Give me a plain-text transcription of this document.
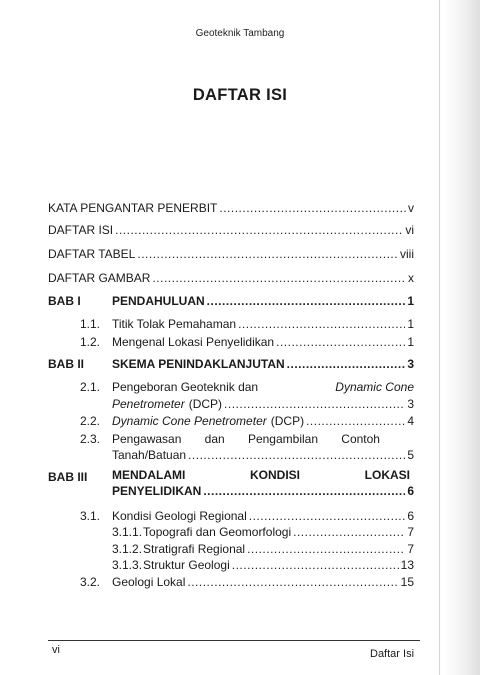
Geoteknik Tambang
DAFTAR ISI
KATA PENGANTAR PENERBIT .....	v
DAFTAR ISI .....	vi
DAFTAR TABEL .....	viii
DAFTAR GAMBAR .....	x
BAB I	PENDAHULUAN .....	1
1.1. Titik Tolak Pemahaman .....	1
1.2. Mengenal Lokasi Penyelidikan .....	1
BAB II SKEMA PENINDAKLANJUTAN .....	3
2.1. Pengeboran Geoteknik dan	Dynamic Cone
Penetrometer (DCP) .....	3
2.2. Dynamic Cone Penetrometer (DCP) .....	4
2.3. Pengawasan dan Pengambilan Contoh
Tanah/Batuan .....	5
BAB III MENDALAMI	KONDISI	LOKASI
PENYELIDIKAN .....	6
3.1. Kondisi Geologi Regional .....	6
3.1.1. Topografi dan Geomorfologi .....	7
3.1.2. Stratigrafi Regional .....	7
3.1.3. Struktur Geologi .....	13
3.2. Geologi Lokal .....	15
vi	Daftar Isi
